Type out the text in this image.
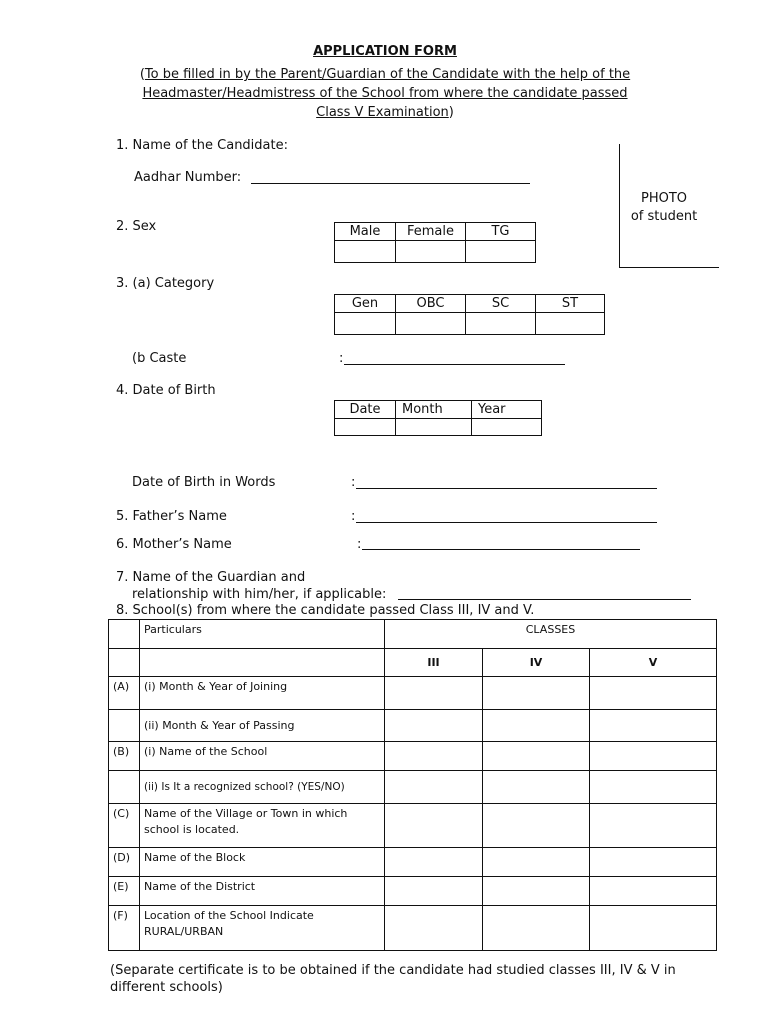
APPLICATION FORM
(To be filled in by the Parent/Guardian of the Candidate with the help of the
Headmaster/Headmistress of the School from where the candidate passed
Class V Examination)
PHOTO
of student
1. Name of the Candidate:
Aadhar Number:
2. Sex	Male	Female	TG

3. (a) Category
Gen	OBC	SC	ST

(b Caste	:
4. Date of Birth
Date	Month	Year

Date of Birth in Words	:
5. Father’s Name	:
6. Mother’s Name	:
7. Name of the Guardian and
relationship with him/her, if applicable:
8. School(s) from where the candidate passed Class III, IV and V.
	Particulars	CLASSES		
		III	IV	V
(A)	(i) Month & Year of Joining			
	(ii) Month & Year of Passing			
(B)	(i) Name of the School			
	(ii) Is It a recognized school? (YES/NO)			
(C)	Name of the Village or Town in which school is located.			
(D)	Name of the Block			
(E)	Name of the District			
(F)	Location of the School Indicate RURAL/URBAN			
(Separate certificate is to be obtained if the candidate had studied classes III, IV & V in different schools)
